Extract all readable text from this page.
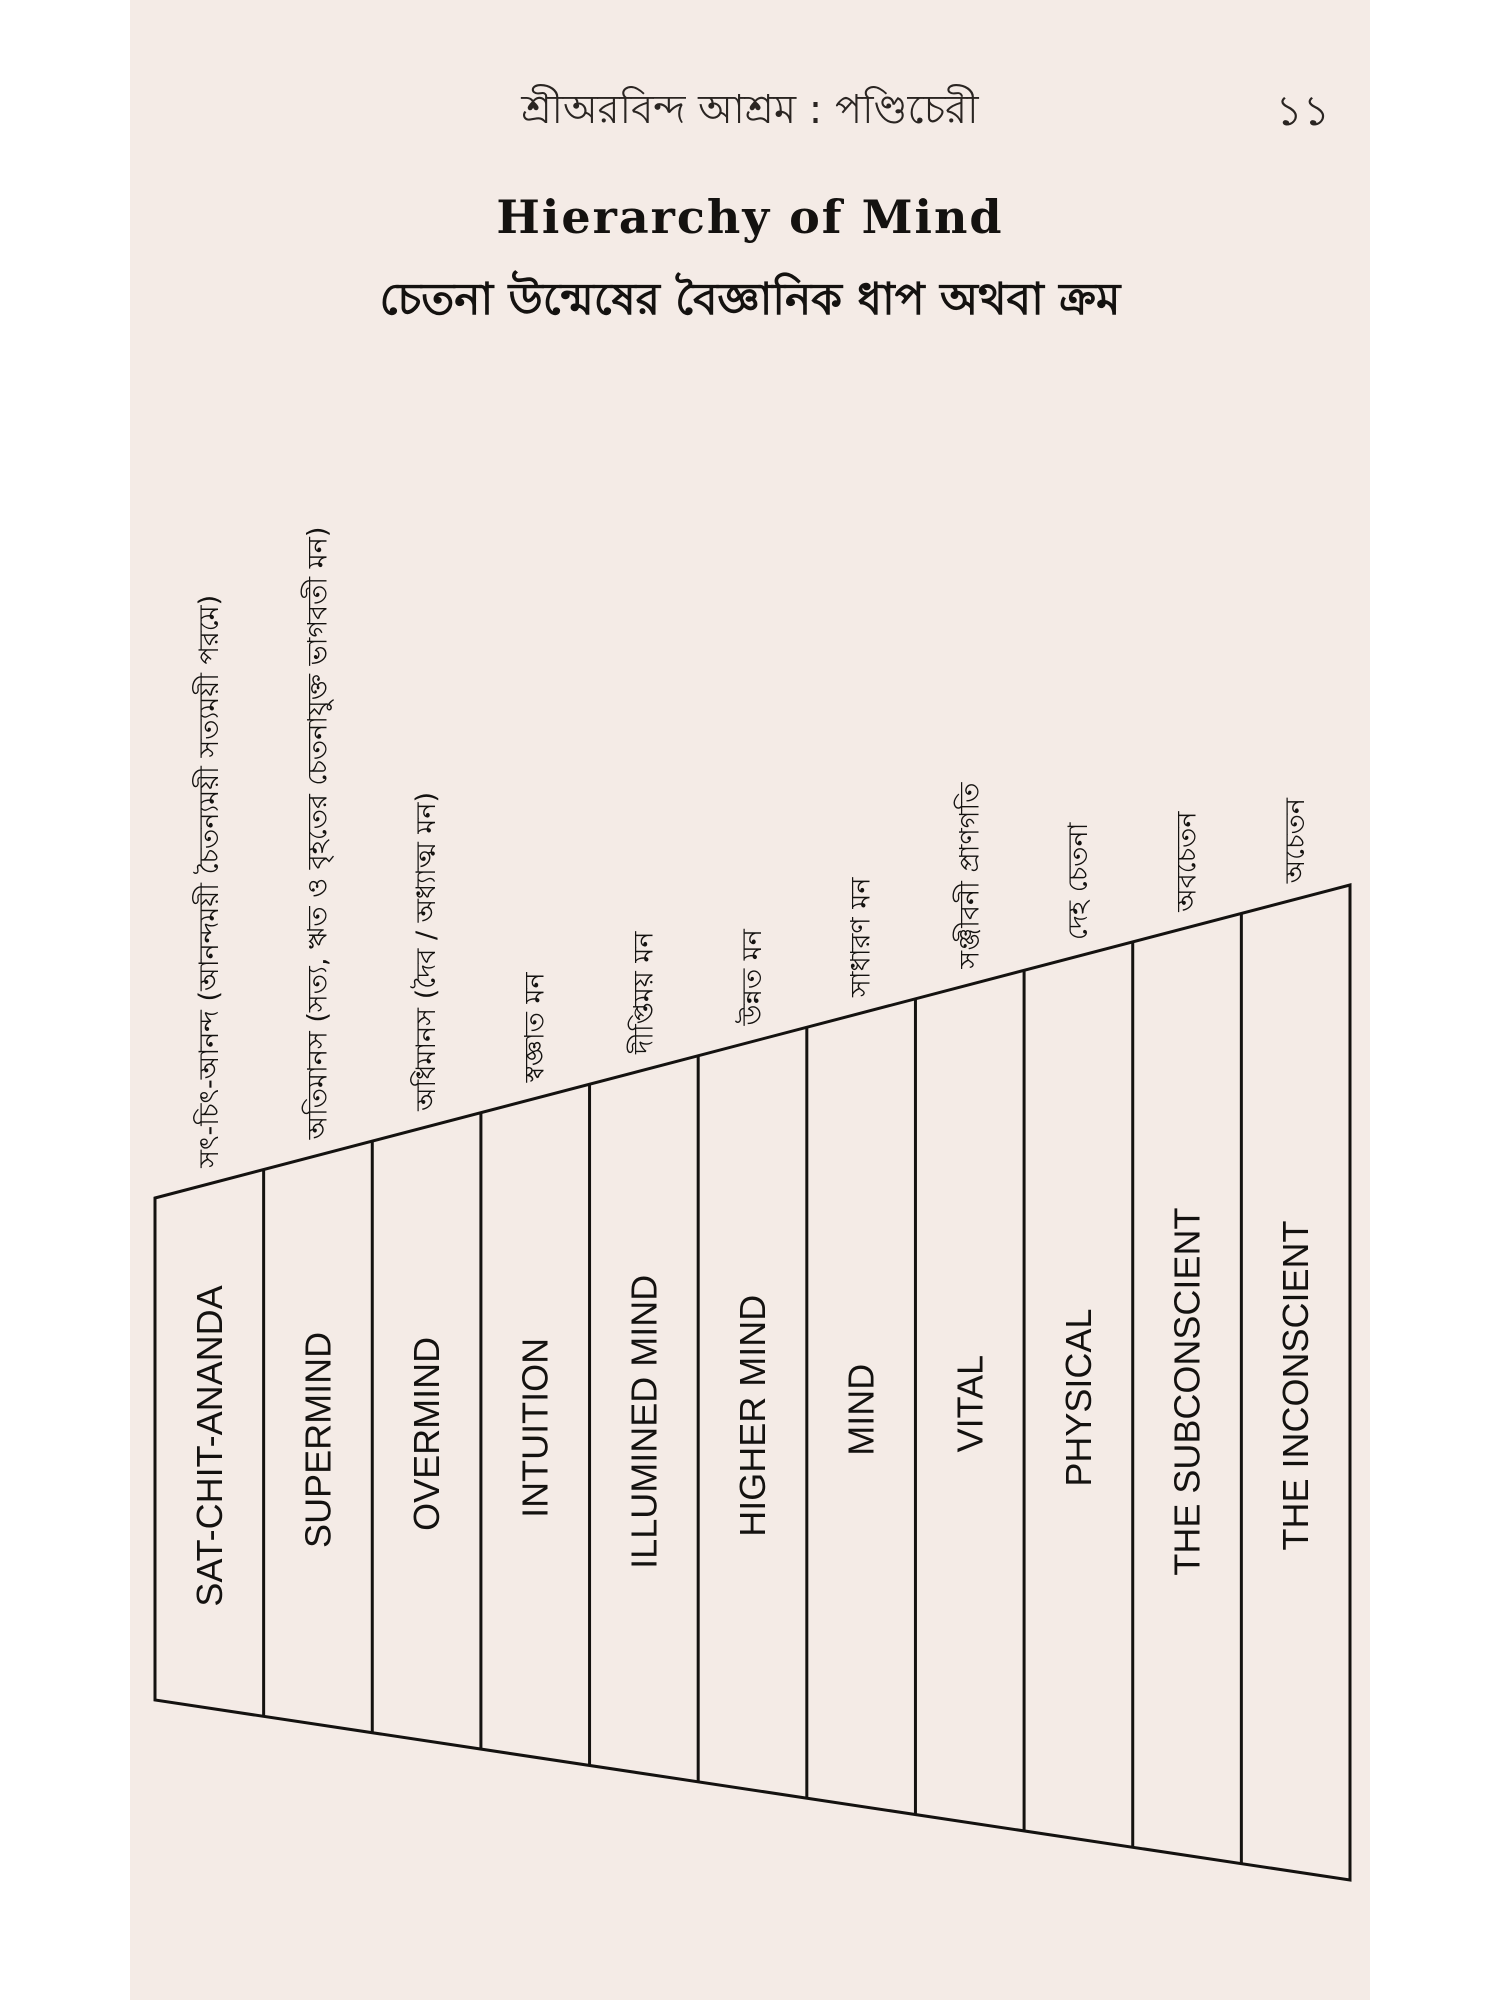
শ্রীঅরবিন্দ আশ্রম : পণ্ডিচেরী	১১
Hierarchy of Mind
চেতনা উন্মেষের বৈজ্ঞানিক ধাপ অথবা ক্রম
SAT-CHIT-ANANDA
সৎ-চিৎ-আনন্দ (আনন্দময়ী চৈতন্যময়ী সত্যময়ী পরমে)
SUPERMIND
অতিমানস (সত্য, ঋত ও বৃহতের চেতনাযুক্ত ভাগবতী মন)
OVERMIND
অধিমানস (দৈব / অধ্যাত্ম মন)
INTUITION
স্বজ্ঞাত মন
ILLUMINED MIND
দীপ্তিময় মন
HIGHER MIND
উন্নত মন
MIND
সাধারণ মন
VITAL
সঞ্জীবনী প্রাণগতি
PHYSICAL
দেহ চেতনা
THE SUBCONSCIENT
অবচেতন
THE INCONSCIENT
অচেতন
